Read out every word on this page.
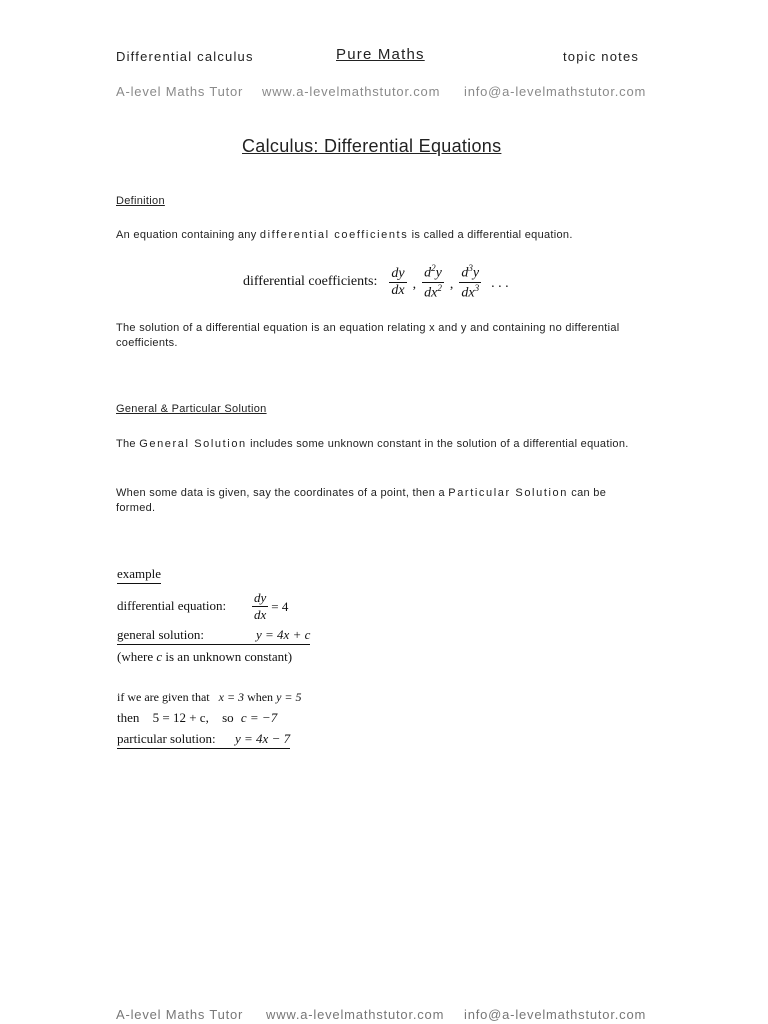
Differential calculus	Pure Maths	topic notes
A-level Maths Tutor www.a-levelmathstutor.com info@a-levelmathstutor.com
Calculus: Differential Equations
Definition
An equation containing any differential coefficients is called a differential equation.
differential coefficients: $\frac{dy}{dx}$ , $\frac{d^2y}{dx^2}$ , $\frac{d^3y}{dx^3}$ . . .
The solution of a differential equation is an equation relating x and y and containing no differential coefficients.
General & Particular Solution
The General Solution includes some unknown constant in the solution of a differential equation.
When some data is given, say the coordinates of a point, then a Particular Solution can be formed.
example
differential equation: $\frac{dy}{dx} = 4$
general solution:	y = 4x + c
(where c is an unknown constant)
if we are given that x = 3 when y = 5
then 5 = 12 + c, so c = −7
particular solution: y = 4x − 7
A-level Maths Tutor www.a-levelmathstutor.com info@a-levelmathstutor.com
